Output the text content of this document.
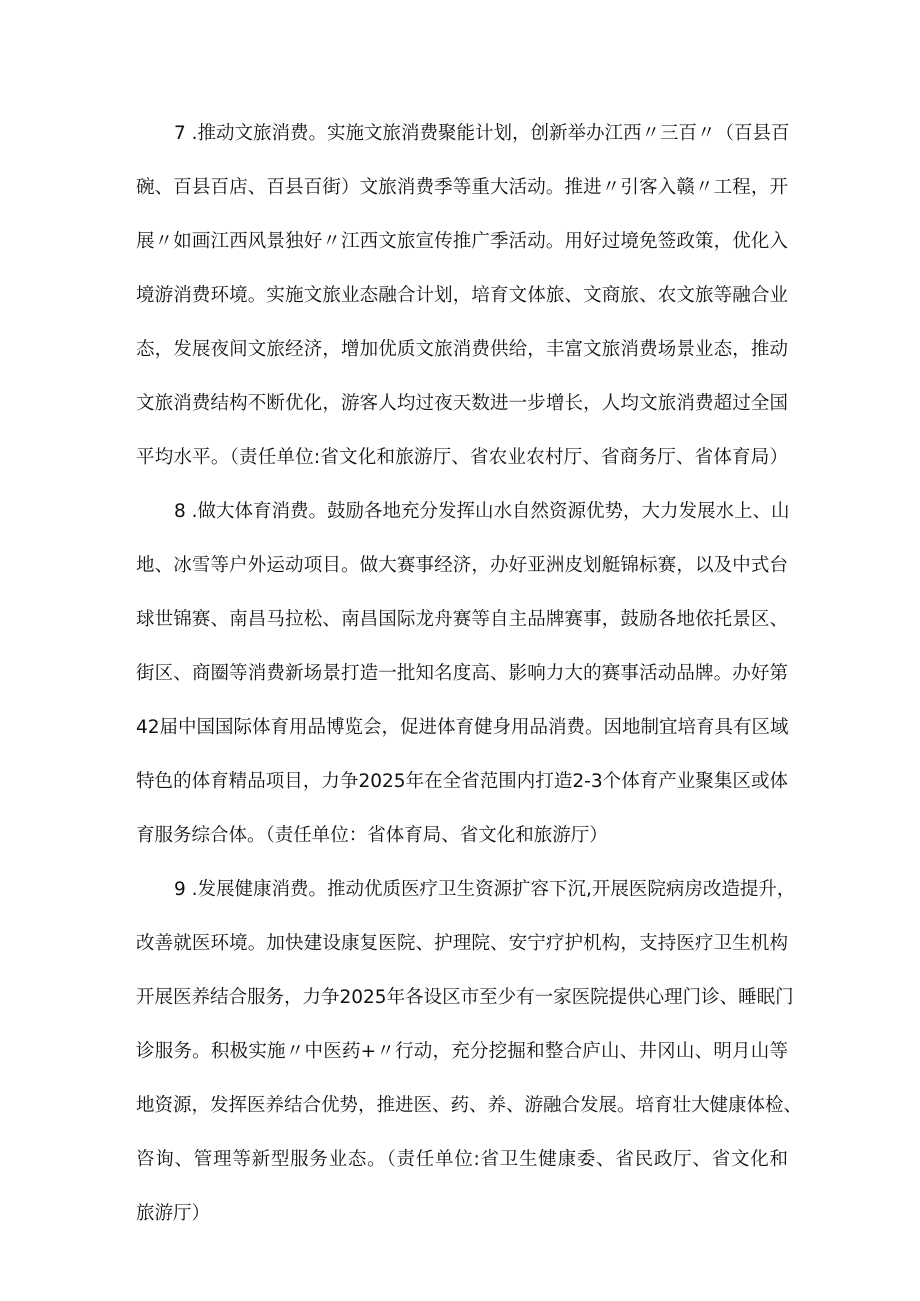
7 .推动文旅消费。实施文旅消费聚能计划，创新举办江西〃三百〃（百县百
碗、百县百店、百县百街）文旅消费季等重大活动。推进〃引客入赣〃工程，开
展〃如画江西风景独好〃江西文旅宣传推广季活动。用好过境免签政策，优化入
境游消费环境。实施文旅业态融合计划，培育文体旅、文商旅、农文旅等融合业
态，发展夜间文旅经济，增加优质文旅消费供给，丰富文旅消费场景业态，推动
文旅消费结构不断优化，游客人均过夜天数进一步增长，人均文旅消费超过全国
平均水平。（责任单位:省文化和旅游厅、省农业农村厅、省商务厅、省体育局）
8 .做大体育消费。鼓励各地充分发挥山水自然资源优势，大力发展水上、山
地、冰雪等户外运动项目。做大赛事经济，办好亚洲皮划艇锦标赛，以及中式台
球世锦赛、南昌马拉松、南昌国际龙舟赛等自主品牌赛事，鼓励各地依托景区、
街区、商圈等消费新场景打造一批知名度高、影响力大的赛事活动品牌。办好第
42届中国国际体育用品博览会，促进体育健身用品消费。因地制宜培育具有区域
特色的体育精品项目，力争2025年在全省范围内打造2-3个体育产业聚集区或体
育服务综合体。（责任单位：省体育局、省文化和旅游厅）
9 .发展健康消费。推动优质医疗卫生资源扩容下沉,开展医院病房改造提升，
改善就医环境。加快建设康复医院、护理院、安宁疗护机构，支持医疗卫生机构
开展医养结合服务，力争2025年各设区市至少有一家医院提供心理门诊、睡眠门
诊服务。积极实施〃中医药+〃行动，充分挖掘和整合庐山、井冈山、明月山等
地资源，发挥医养结合优势，推进医、药、养、游融合发展。培育壮大健康体检、
咨询、管理等新型服务业态。（责任单位:省卫生健康委、省民政厅、省文化和
旅游厅）
